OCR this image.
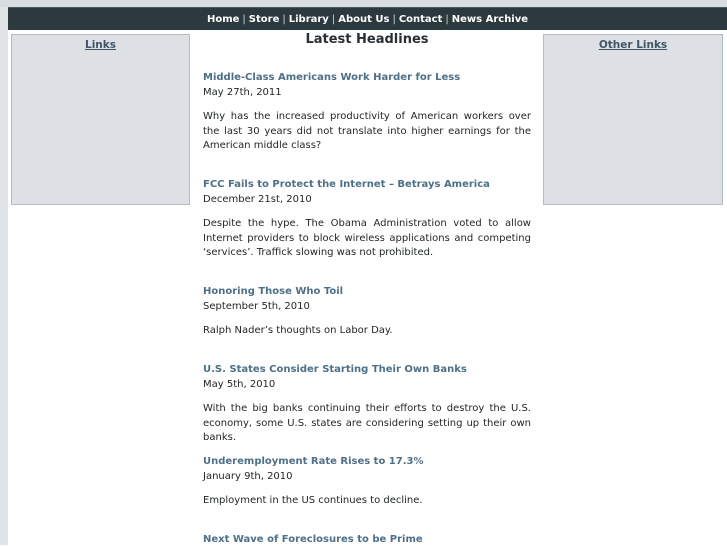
Home | Store | Library | About Us | Contact | News Archive
Links	Other Links
Latest Headlines
Middle-Class Americans Work Harder for Less
May 27th, 2011
Why has the increased productivity of American workers over the last 30 years did not translate into higher earnings for the American middle class?
FCC Fails to Protect the Internet – Betrays America
December 21st, 2010
Despite the hype. The Obama Administration voted to allow Internet providers to block wireless applications and competing ‘services’. Traffick slowing was not prohibited.
Honoring Those Who Toil
September 5th, 2010
Ralph Nader’s thoughts on Labor Day.
U.S. States Consider Starting Their Own Banks
May 5th, 2010
With the big banks continuing their efforts to destroy the U.S. economy, some U.S. states are considering setting up their own banks.
Underemployment Rate Rises to 17.3%
January 9th, 2010
Employment in the US continues to decline.
Next Wave of Foreclosures to be Prime
